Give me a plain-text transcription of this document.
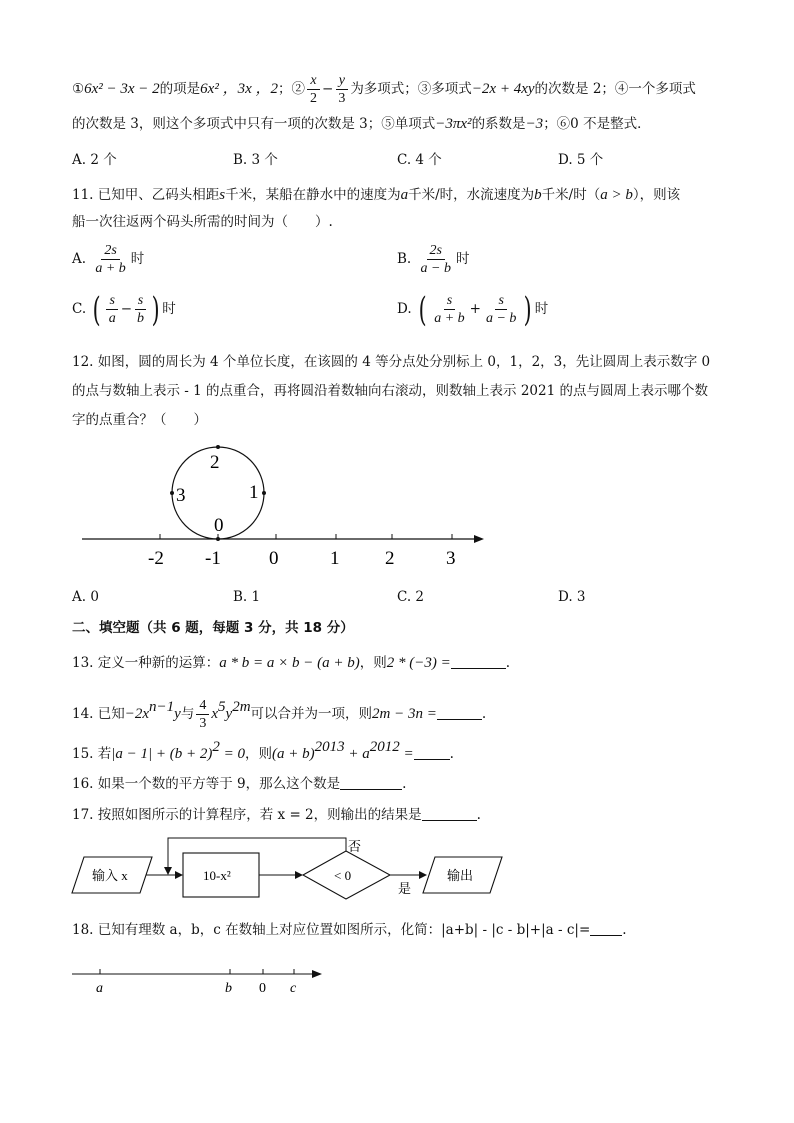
①6x² − 3x − 2的项是6x² ，3x ，2；② $\frac{x}{2} - \frac{y}{3}$ 为多项式；③多项式−2x + 4xy的次数是 2；④一个多项式
的次数是 3，则这个多项式中只有一项的次数是 3；⑤单项式−3πx²的系数是−3；⑥0 不是整式．
A. 2 个	B. 3 个	C. 4 个	D. 5 个
11. 已知甲、乙码头相距s千米，某船在静水中的速度为a千米/时，水流速度为b千米/时（a > b），则该
船一次往返两个码头所需的时间为（　　）.
A. $\frac{2s}{a + b}$ 时	B. $\frac{2s}{a - b}$ 时
C. ( $\frac{s}{a} - \frac{s}{b}$ ) 时	D. ( $\frac{s}{a + b} + \frac{s}{a - b}$ ) 时
12. 如图，圆的周长为 4 个单位长度，在该圆的 4 等分点处分别标上 0，1，2，3，先让圆周上表示数字 0
的点与数轴上表示 - 1 的点重合，再将圆沿着数轴向右滚动，则数轴上表示 2021 的点与圆周上表示哪个数
字的点重合？（　　）
2
1
3
0
-2 -1	0	1 2	3
A. 0	B. 1	C. 2	D. 3
二、填空题（共 6 题，每题 3 分，共 18 分）
13. 定义一种新的运算：a * b = a × b − (a + b)，则2 * (−3) =	.
14. 已知$-2x^{n-1}y$与 $\frac{4}{3} x^5y^{2m}$可以合并为一项，则2m − 3n =	.
15. 若$|a - 1| + (b + 2)^2 = 0$，则$(a + b)^{2013} + a^{2012}$ =	.
16. 如果一个数的平方等于 9，那么这个数是	.
17. 按照如图所示的计算程序，若 x = 2，则输出的结果是	.
输入 x	10-x²	< 0
否
是
输出
18. 已知有理数 a，b，c 在数轴上对应位置如图所示，化简：|a+b| - |c - b|+|a - c|= .
a	b 0 c
